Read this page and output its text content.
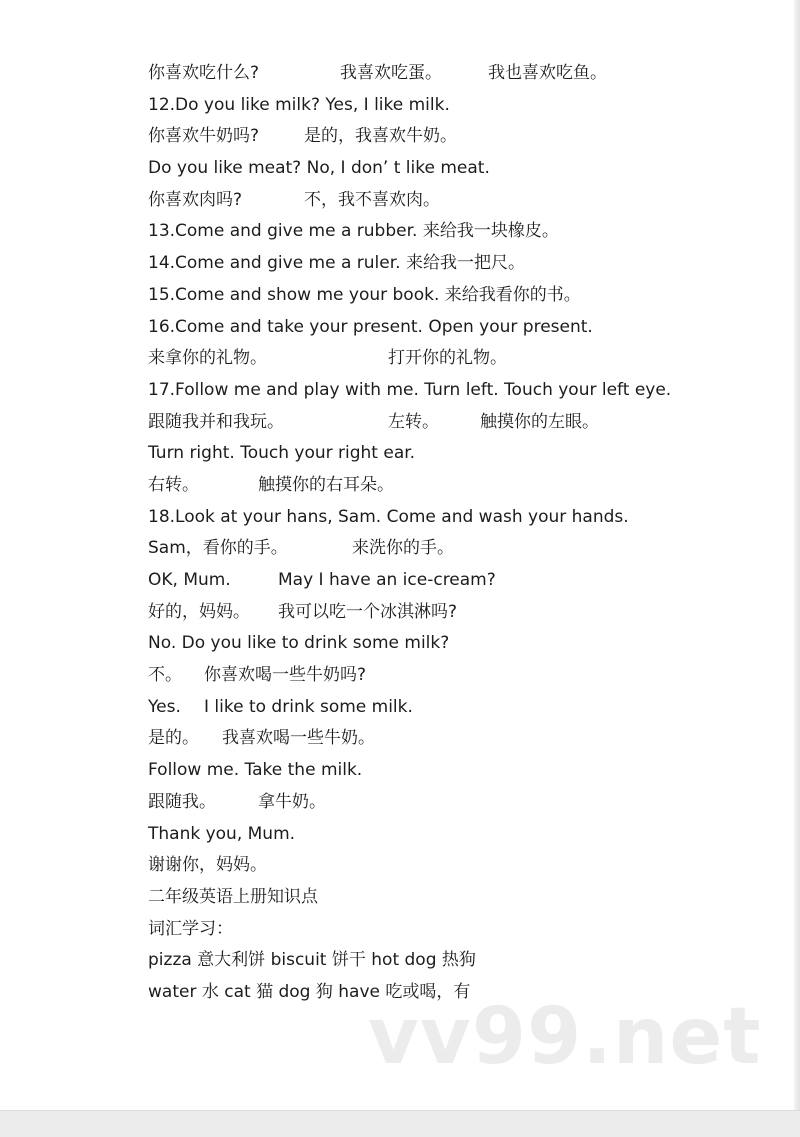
你喜欢吃什么?	我喜欢吃蛋。	我也喜欢吃鱼。
12.Do you like milk? Yes, I like milk.
你喜欢牛奶吗?	是的，我喜欢牛奶。
Do you like meat? No, I don’ t like meat.
你喜欢肉吗?	不，我不喜欢肉。
13.Come and give me a rubber. 来给我一块橡皮。
14.Come and give me a ruler. 来给我一把尺。
15.Come and show me your book. 来给我看你的书。
16.Come and take your present. Open your present.
来拿你的礼物。	打开你的礼物。
17.Follow me and play with me. Turn left. Touch your left eye.
跟随我并和我玩。	左转。 触摸你的左眼。
Turn right. Touch your right ear.
右转。	触摸你的右耳朵。
18.Look at your hans, Sam. Come and wash your hands.
Sam，看你的手。	来洗你的手。
OK, Mum.	May I have an ice-cream?
好的，妈妈。 我可以吃一个冰淇淋吗?
No. Do you like to drink some milk?
不。 你喜欢喝一些牛奶吗?
Yes. I like to drink some milk.
是的。 我喜欢喝一些牛奶。
Follow me. Take the milk.
跟随我。 拿牛奶。
Thank you, Mum.
谢谢你，妈妈。
二年级英语上册知识点
词汇学习：
pizza 意大利饼 biscuit 饼干 hot dog 热狗
water 水 cat 猫 dog 狗 have 吃或喝，有
vv99.net
